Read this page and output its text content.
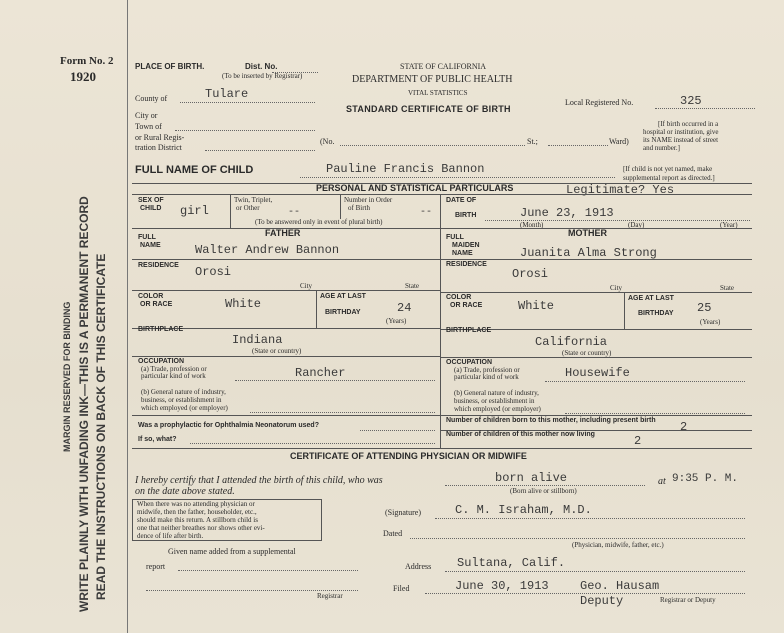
Form No. 2
1920
WRITE PLAINLY WITH UNFADING INK—THIS IS A PERMANENT RECORD
MARGIN RESERVED FOR BINDING READ THE INSTRUCTIONS ON BACK OF THIS CERTIFICATE
PLACE OF BIRTH.	Dist. No.
(To be inserted by Registrar)
STATE OF CALIFORNIA
DEPARTMENT OF PUBLIC HEALTH
VITAL STATISTICS
STANDARD CERTIFICATE OF BIRTH
County of	Tulare
Local Registered No.	325
City or
Town of
or Rural Regis-
tration District
(No.	St.;	Ward)
[If birth occurred in a
hospital or institution, give
its NAME instead of street
and number.]
FULL NAME OF CHILD	Pauline Francis Bannon	[If child is not yet named, make
supplemental report as directed.]
PERSONAL AND STATISTICAL PARTICULARS	Legitimate? Yes
SEX OF
CHILD girl
Twin, Triplet,
or Other	--
Number in Order
of Birth	--
(To be answered only in event of plural birth)
DATE OF
BIRTH	June 23, 1913
(Month)	(Day)	(Year)
FATHER	MOTHER
FULL
NAME	Walter Andrew Bannon
RESIDENCE Orosi
City	State
COLOR
OR RACE	White
AGE AT LAST
BIRTHDAY	24
(Years)
BIRTHPLACE
Indiana
(State or country)
OCCUPATION
(a) Trade, profession or
particular kind of work	Rancher
(b) General nature of industry,
business, or establishment in
which employed (or employer)
Was a prophylactic for Ophthalmia Neonatorum used?
If so, what?
FULL
MAIDEN
NAME	Juanita Alma Strong
RESIDENCE
Orosi
City	State
COLOR
OR RACE	White
AGE AT LAST
BIRTHDAY 25
(Years)
BIRTHPLACE
California
(State or country)
OCCUPATION
(a) Trade, profession or
particular kind of work	Housewife
(b) General nature of industry,
business, or establishment in
which employed (or employer)
Number of children born to this mother, including present birth 2
Number of children of this mother now living	2
CERTIFICATE OF ATTENDING PHYSICIAN OR MIDWIFE
I hereby certify that I attended the birth of this child, who was	born alive
(Born alive or stillborn)
at 9:35 P. M.
on the date above stated.
When there was no attending physician or
midwife, then the father, householder, etc.,
should make this return. A stillborn child is
one that neither breathes nor shows other evi-
dence of life after birth.
(Signature)	C. M. Israham, M.D.
Dated
(Physician, midwife, father, etc.)
Given name added from a supplemental
report	Address Sultana, Calif.
Registrar
Filed	June 30, 1913	Geo. Hausam
Deputy	Registrar or Deputy
